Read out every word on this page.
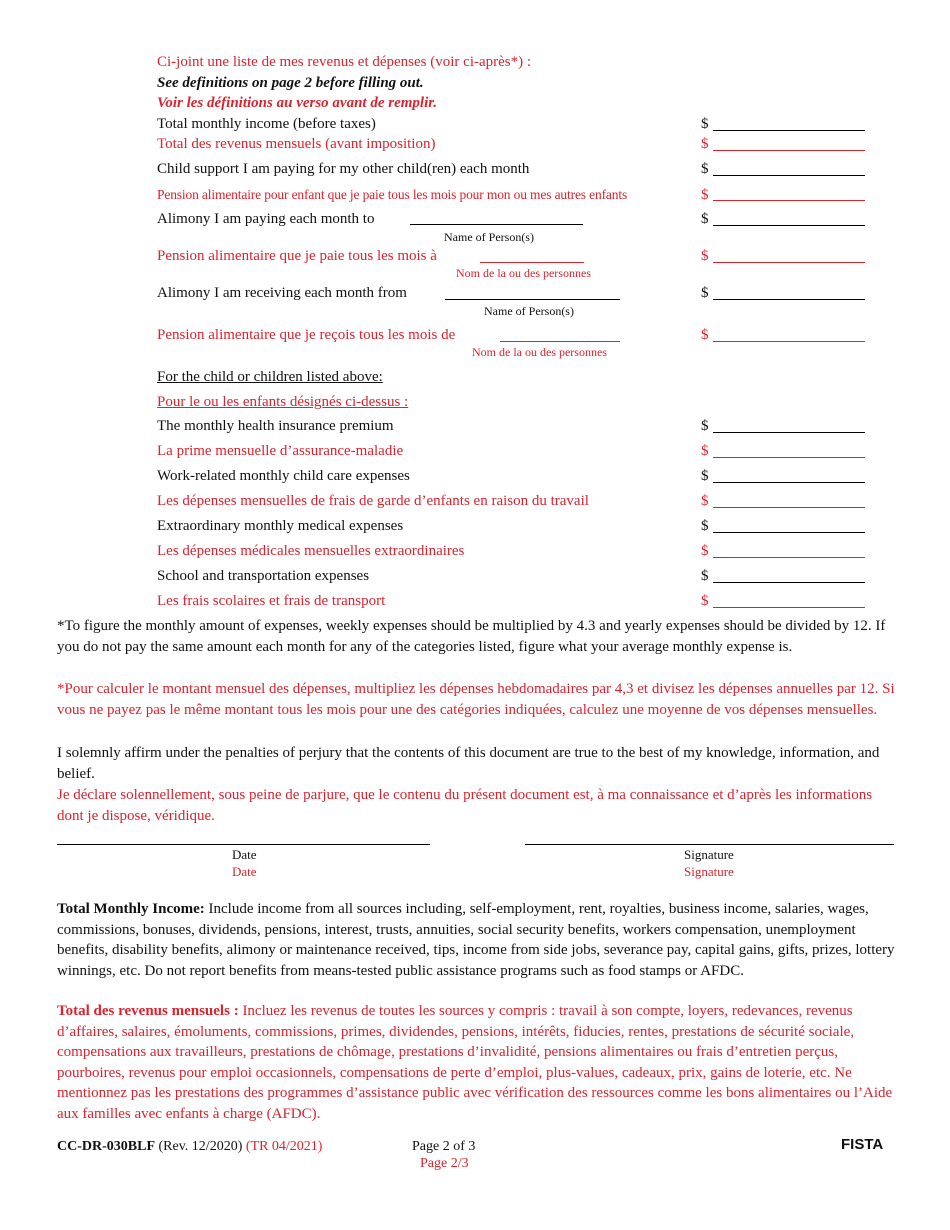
Ci-joint une liste de mes revenus et dépenses (voir ci-après*) :
See definitions on page 2 before filling out.
Voir les définitions au verso avant de remplir.
Total monthly income (before taxes)	$
Total des revenus mensuels (avant imposition)	$
Child support I am paying for my other child(ren) each month	$
Pension alimentaire pour enfant que je paie tous les mois pour mon ou mes autres enfants	$
Alimony I am paying each month to	$
Name of Person(s)
Pension alimentaire que je paie tous les mois à	$
Nom de la ou des personnes
Alimony I am receiving each month from	$
Name of Person(s)
Pension alimentaire que je reçois tous les mois de	$
Nom de la ou des personnes
For the child or children listed above:
Pour le ou les enfants désignés ci-dessus :
The monthly health insurance premium	$
La prime mensuelle d’assurance-maladie	$
Work-related monthly child care expenses	$
Les dépenses mensuelles de frais de garde d’enfants en raison du travail	$
Extraordinary monthly medical expenses	$
Les dépenses médicales mensuelles extraordinaires	$
School and transportation expenses	$
Les frais scolaires et frais de transport	$
*To figure the monthly amount of expenses, weekly expenses should be multiplied by 4.3 and yearly expenses should be divided by 12. If you do not pay the same amount each month for any of the categories listed, figure what your average monthly expense is.
*Pour calculer le montant mensuel des dépenses, multipliez les dépenses hebdomadaires par 4,3 et divisez les dépenses annuelles par 12. Si vous ne payez pas le même montant tous les mois pour une des catégories indiquées, calculez une moyenne de vos dépenses mensuelles.
I solemnly affirm under the penalties of perjury that the contents of this document are true to the best of my knowledge, information, and belief.
Je déclare solennellement, sous peine de parjure, que le contenu du présent document est, à ma connaissance et d’après les informations dont je dispose, véridique.
Date
Date
Signature
Signature
Total Monthly Income: Include income from all sources including, self-employment, rent, royalties, business income, salaries, wages, commissions, bonuses, dividends, pensions, interest, trusts, annuities, social security benefits, workers compensation, unemployment benefits, disability benefits, alimony or maintenance received, tips, income from side jobs, severance pay, capital gains, gifts, prizes, lottery winnings, etc. Do not report benefits from means-tested public assistance programs such as food stamps or AFDC.
Total des revenus mensuels : Incluez les revenus de toutes les sources y compris : travail à son compte, loyers, redevances, revenus d’affaires, salaires, émoluments, commissions, primes, dividendes, pensions, intérêts, fiducies, rentes, prestations de sécurité sociale, compensations aux travailleurs, prestations de chômage, prestations d’invalidité, pensions alimentaires ou frais d’entretien perçus, pourboires, revenus pour emploi occasionnels, compensations de perte d’emploi, plus-values, cadeaux, prix, gains de loterie, etc. Ne mentionnez pas les prestations des programmes d’assistance public avec vérification des ressources comme les bons alimentaires ou l’Aide aux familles avec enfants à charge (AFDC).
CC-DR-030BLF (Rev. 12/2020) (TR 04/2021)	Page 2 of 3
Page 2/3
FISTA
